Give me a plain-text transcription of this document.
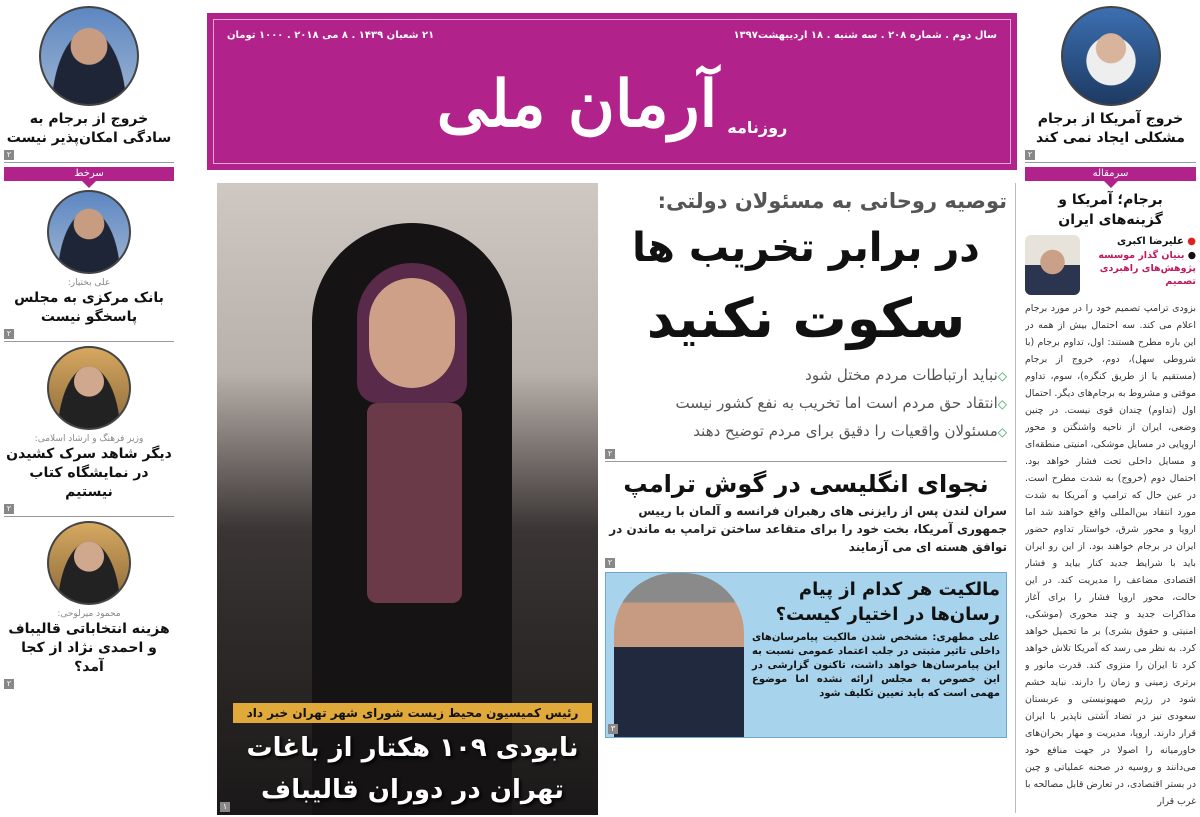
سال دوم . شماره ۲۰۸ . سه شنبه . ۱۸ اردیبهشت۱۳۹۷
۲۱ شعبان ۱۴۳۹ . ۸ می ۲۰۱۸ . ۱۰۰۰ تومان
روزنامه
آرمان ملی
خروج از برجام به سادگی امکان‌پذیر نیست
۲
سرخط
علی بختیار:
بانک مرکزی به مجلس پاسخگو نیست
۲
وزیر فرهنگ و ارشاد اسلامی:
دیگر شاهد سرک کشیدن در نمایشگاه کتاب نیستیم
۲
محمود میرلوحی:
هزینه انتخاباتی قالیباف و احمدی نژاد از کجا آمد؟
۲
رئیس کمیسیون محیط زیست شورای شهر تهران خبر داد
نابودی ۱۰۹ هکتار از باغات
تهران در دوران قالیباف
۱
توصیه روحانی به مسئولان دولتی:
در برابر تخریب ها
سکوت نکنید
◇نباید ارتباطات مردم مختل شود
◇انتقاد حق مردم است اما تخریب به نفع کشور نیست
◇مسئولان واقعیات را دقیق برای مردم توضیح دهند
۲
نجوای انگلیسی در گوش ترامپ
سران لندن پس از رایزنی های رهبران فرانسه و آلمان با رییس جمهوری آمریکا، بخت خود را برای متقاعد ساختن ترامپ به ماندن در توافق هسته ای می آزمایند
۲
۳
مالکیت هر کدام از پیام رسان‌ها در اختیار کیست؟
علی مطهری: مشخص شدن مالکیت پیامرسان‌های داخلی تاثیر مثبتی در جلب اعتماد عمومی نسبت به این پیامرسان‌ها خواهد داشت، تاکنون گزارشی در این خصوص به مجلس ارائه نشده اما موضوع مهمی است که باید تعیین تکلیف شود
خروج آمریکا از برجام مشکلی ایجاد نمی کند
۲
سرمقاله
برجام؛ آمریکا و گزینه‌های ایران
● علیرضا اکبری
● بنیان گذار موسسه پژوهش‌های راهبردی تصمیم
بزودی ترامپ تصمیم خود را در مورد برجام اعلام می کند. سه احتمال بیش از همه در این باره مطرح هستند: اول، تداوم برجام (با شروطی سهل)، دوم، خروج از برجام (مستقیم یا از طریق کنگره)، سوم، تداوم موقتی و مشروط به برجام‌های دیگر. احتمال اول (تداوم) چندان قوی نیست. در چنین وضعی، ایران از ناحیه واشنگتن و محور اروپایی در مسایل موشکی، امنیتی منطقه‌ای و مسایل داخلی تحت فشار خواهد بود. احتمال دوم (خروج) به شدت مطرح است. در عین حال که ترامپ و آمریکا به شدت مورد انتقاد بین‌المللی واقع خواهند شد اما اروپا و محور شرق، خواستار تداوم حضور ایران در برجام خواهند بود. از این رو ایران باید با شرایط جدید کنار بیاید و فشار اقتصادی مضاعف را مدیریت کند. در این حالت، محور اروپا فشار را برای آغاز مذاکرات جدید و چند محوری (موشکی، امنیتی و حقوق بشری) بر ما تحمیل خواهد کرد. به نظر می رسد که آمریکا تلاش خواهد کرد تا ایران را منزوی کند. قدرت مانور و برتری زمینی و زمان را دارند. نباید خشم شود در رژیم صهیونیستی و عربستان سعودی نیز در تضاد آشتی ناپذیر با ایران قرار دارند. اروپا، مدیریت و مهار بحران‌های خاورمیانه را اصولا در جهت منافع خود می‌دانند و روسیه در صحنه عملیاتی و چین در بستر اقتصادی، در تعارض قابل مصالحه با غرب قرار
